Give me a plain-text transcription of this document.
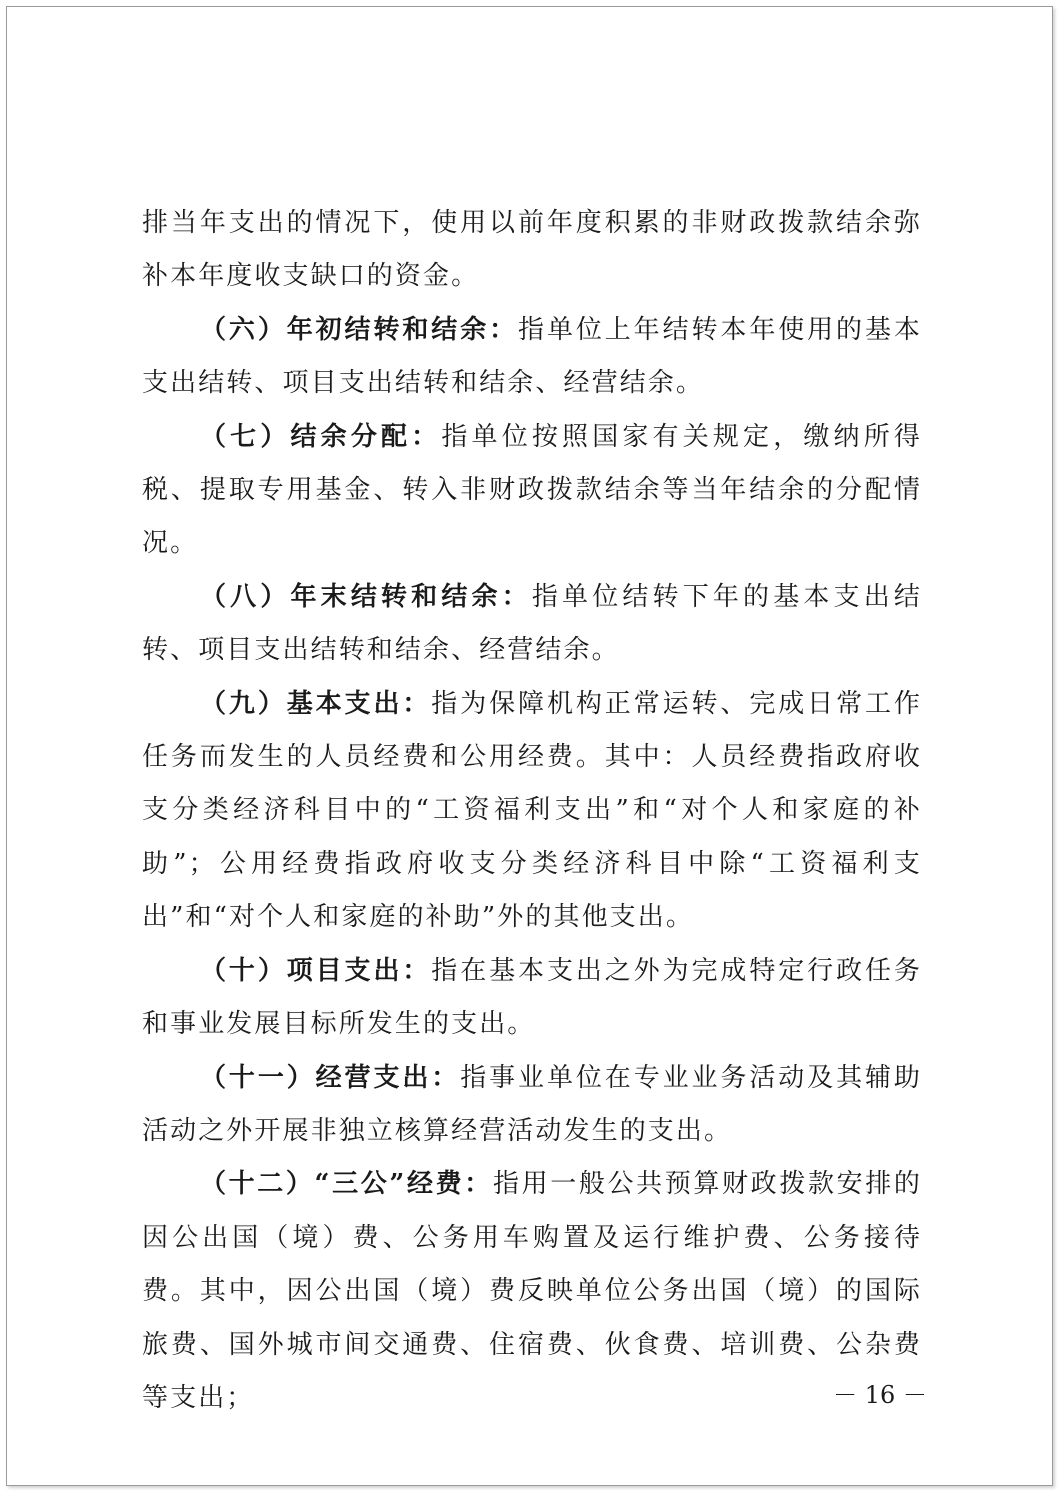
排当年支出的情况下，使用以前年度积累的非财政拨款结余弥补本年度收支缺口的资金。

（六）年初结转和结余：指单位上年结转本年使用的基本支出结转、项目支出结转和结余、经营结余。

（七）结余分配：指单位按照国家有关规定，缴纳所得税、提取专用基金、转入非财政拨款结余等当年结余的分配情况。

（八）年末结转和结余：指单位结转下年的基本支出结转、项目支出结转和结余、经营结余。

（九）基本支出：指为保障机构正常运转、完成日常工作任务而发生的人员经费和公用经费。其中：人员经费指政府收支分类经济科目中的“工资福利支出”和“对个人和家庭的补助”；公用经费指政府收支分类经济科目中除“工资福利支出”和“对个人和家庭的补助”外的其他支出。

（十）项目支出：指在基本支出之外为完成特定行政任务和事业发展目标所发生的支出。

（十一）经营支出：指事业单位在专业业务活动及其辅助活动之外开展非独立核算经营活动发生的支出。

（十二）“三公”经费：指用一般公共预算财政拨款安排的因公出国（境）费、公务用车购置及运行维护费、公务接待费。其中，因公出国（境）费反映单位公务出国（境）的国际旅费、国外城市间交通费、住宿费、伙食费、培训费、公杂费等支出；	－ 16 －
